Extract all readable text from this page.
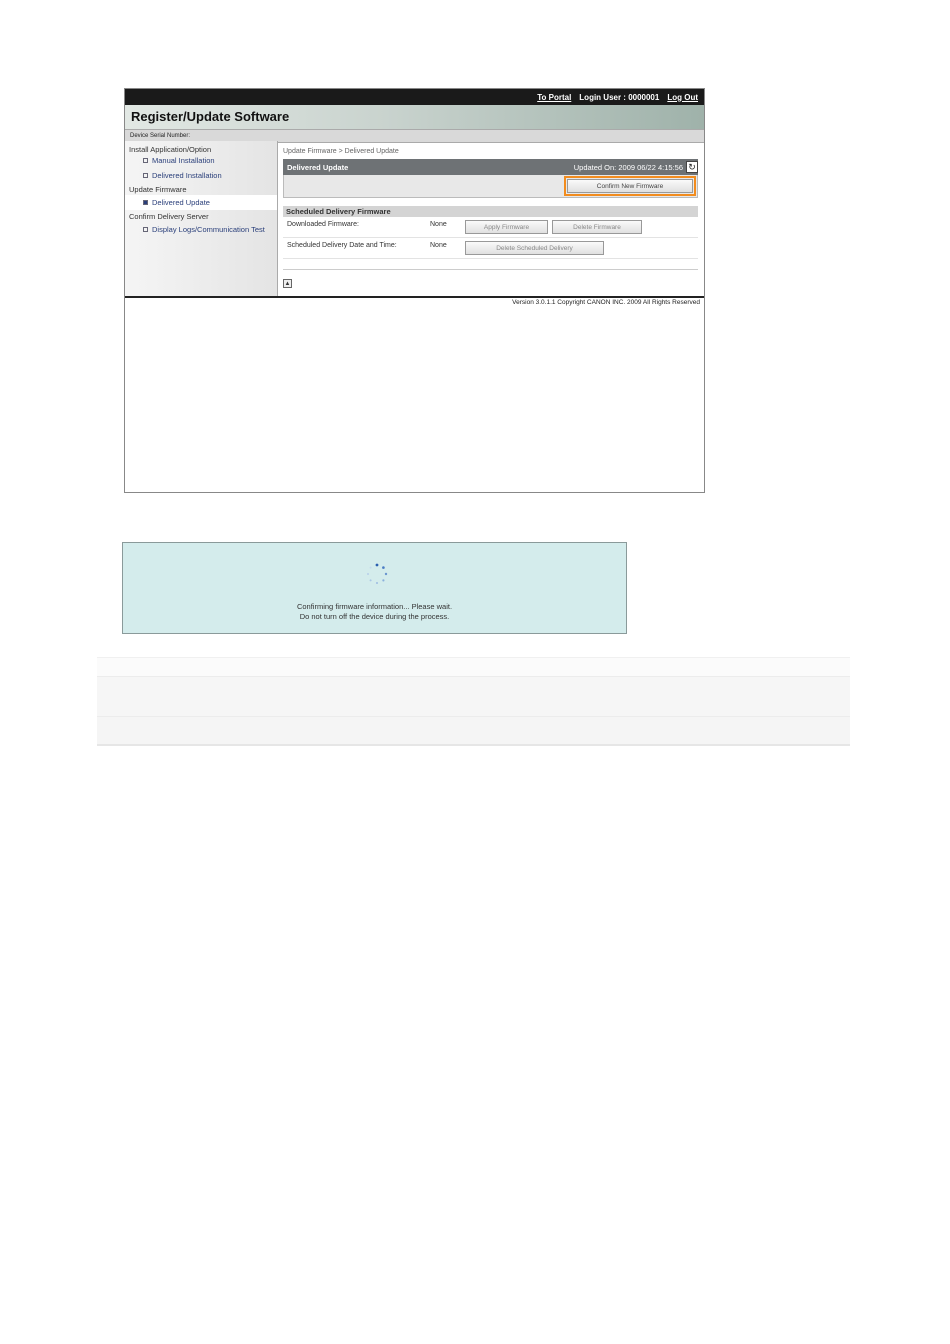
To Portal Login User : 0000001 Log Out
Register/Update Software
Device Serial Number:
Install Application/Option
Manual Installation
Delivered Installation
Update Firmware
Delivered Update
Confirm Delivery Server
Display Logs/Communication Test
Update Firmware > Delivered Update
Delivered Update	Updated On: 2009 06/22 4:15:56 ↻
Confirm New Firmware
Scheduled Delivery Firmware
Downloaded Firmware:	None	Apply Firmware	Delete Firmware
Scheduled Delivery Date and Time:	None	Delete Scheduled Delivery
▲
Version 3.0.1.1 Copyright CANON INC. 2009 All Rights Reserved
Confirming firmware information... Please wait.
Do not turn off the device during the process.
